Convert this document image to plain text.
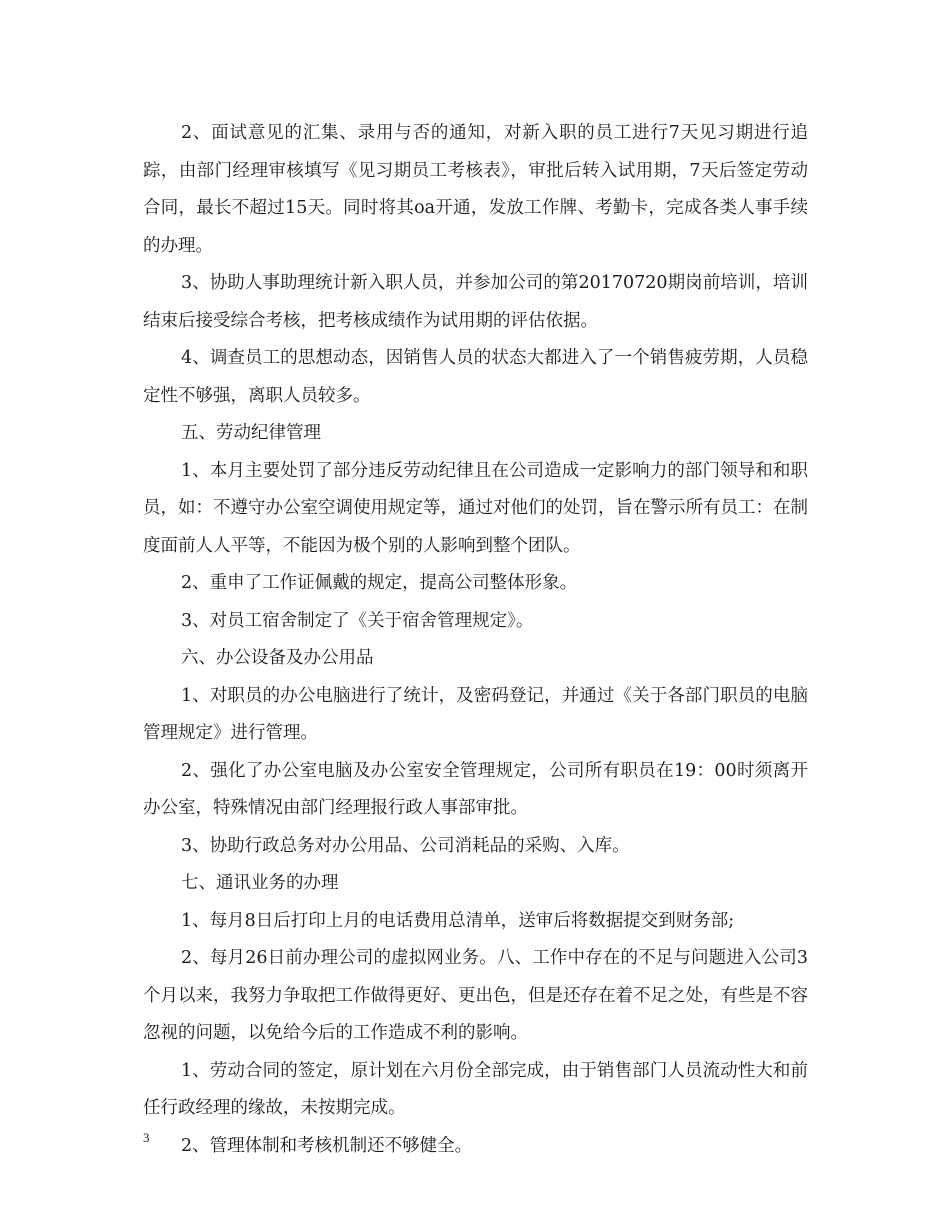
2、面试意见的汇集、录用与否的通知，对新入职的员工进行7天见习期进行追踪，由部门经理审核填写《见习期员工考核表》，审批后转入试用期，7天后签定劳动合同，最长不超过15天。同时将其oa开通，发放工作牌、考勤卡，完成各类人事手续的办理。

3、协助人事助理统计新入职人员，并参加公司的第20170720期岗前培训，培训结束后接受综合考核，把考核成绩作为试用期的评估依据。

4、调查员工的思想动态，因销售人员的状态大都进入了一个销售疲劳期，人员稳定性不够强，离职人员较多。

五、劳动纪律管理

1、本月主要处罚了部分违反劳动纪律且在公司造成一定影响力的部门领导和和职员，如：不遵守办公室空调使用规定等，通过对他们的处罚，旨在警示所有员工：在制度面前人人平等，不能因为极个别的人影响到整个团队。

2、重申了工作证佩戴的规定，提高公司整体形象。

3、对员工宿舍制定了《关于宿舍管理规定》。

六、办公设备及办公用品

1、对职员的办公电脑进行了统计，及密码登记，并通过《关于各部门职员的电脑管理规定》进行管理。

2、强化了办公室电脑及办公室安全管理规定，公司所有职员在19：00时须离开办公室，特殊情况由部门经理报行政人事部审批。

3、协助行政总务对办公用品、公司消耗品的采购、入库。

七、通讯业务的办理

1、每月8日后打印上月的电话费用总清单，送审后将数据提交到财务部;

2、每月26日前办理公司的虚拟网业务。八、工作中存在的不足与问题进入公司3个月以来，我努力争取把工作做得更好、更出色，但是还存在着不足之处，有些是不容忽视的问题，以免给今后的工作造成不利的影响。

1、劳动合同的签定，原计划在六月份全部完成，由于销售部门人员流动性大和前任行政经理的缘故，未按期完成。

2、管理体制和考核机制还不够健全。

3
